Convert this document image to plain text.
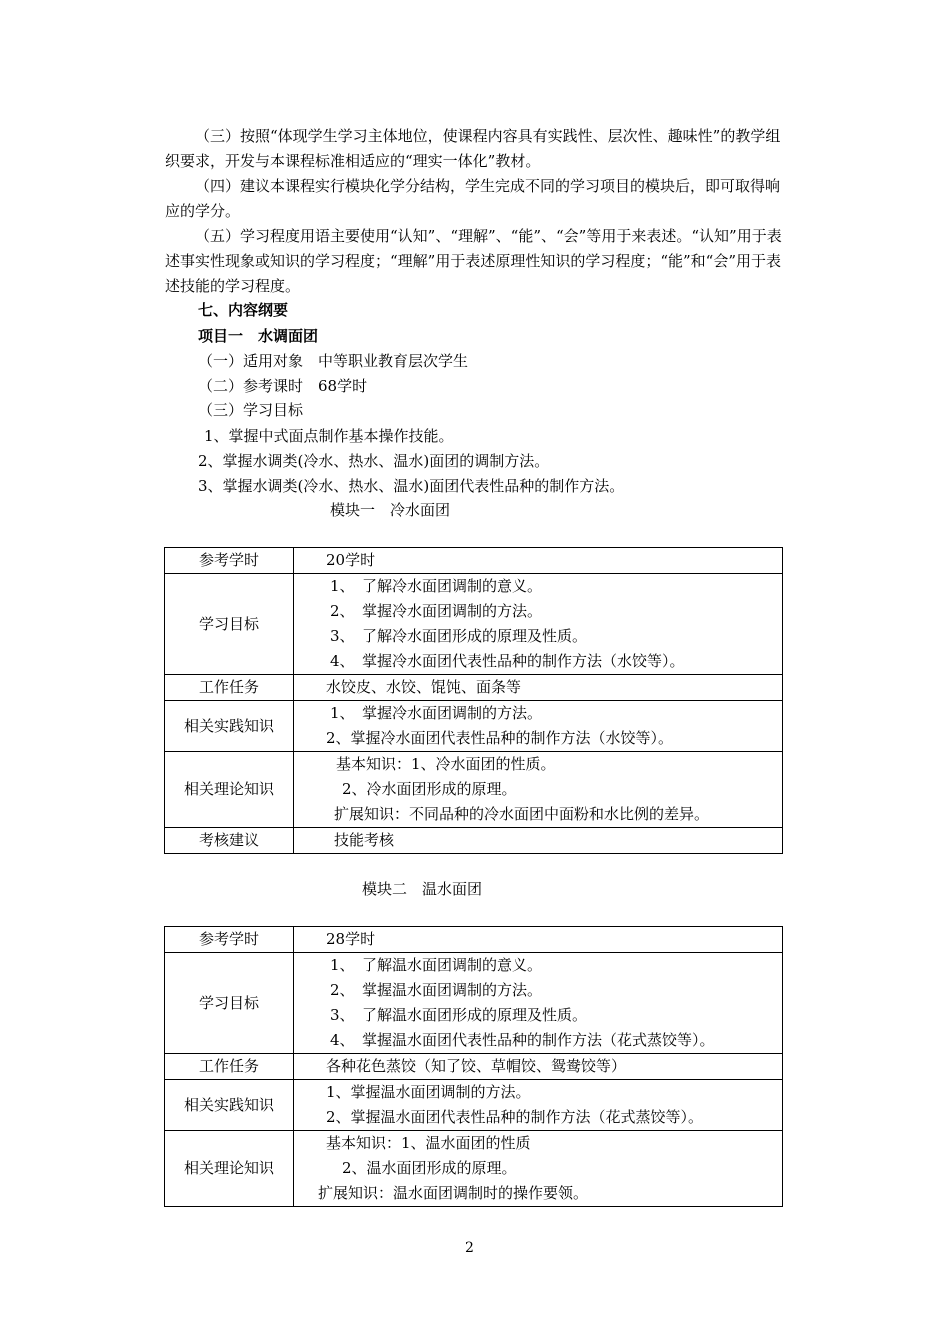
（三）按照“体现学生学习主体地位，使课程内容具有实践性、层次性、趣味性”的教学组织要求，开发与本课程标准相适应的“理实一体化”教材。

（四）建议本课程实行模块化学分结构，学生完成不同的学习项目的模块后，即可取得响应的学分。

（五）学习程度用语主要使用“认知”、“理解”、“能”、“会”等用于来表述。“认知”用于表述事实性现象或知识的学习程度；“理解”用于表述原理性知识的学习程度；“能”和“会”用于表述技能的学习程度。

七、内容纲要
项目一　水调面团
（一）适用对象　中等职业教育层次学生
（二）参考课时　68学时
（三）学习目标
1、掌握中式面点制作基本操作技能。
2、掌握水调类(冷水、热水、温水)面团的调制方法。
3、掌握水调类(冷水、热水、温水)面团代表性品种的制作方法。
模块一　冷水面团
参考学时	20学时

学习目标	1、　了解冷水面团调制的意义。
2、　掌握冷水面团调制的方法。
3、　了解冷水面团形成的原理及性质。
4、　掌握冷水面团代表性品种的制作方法（水饺等）。

工作任务	水饺皮、水饺、馄饨、面条等

相关实践知识	1、　掌握冷水面团调制的方法。
2、掌握冷水面团代表性品种的制作方法（水饺等）。

相关理论知识	基本知识：1、冷水面团的性质。
2、冷水面团形成的原理。
扩展知识：不同品种的冷水面团中面粉和水比例的差异。

考核建议	技能考核
模块二　温水面团
参考学时	28学时

学习目标	1、　了解温水面团调制的意义。
2、　掌握温水面团调制的方法。
3、　了解温水面团形成的原理及性质。
4、　掌握温水面团代表性品种的制作方法（花式蒸饺等）。

工作任务	各种花色蒸饺（知了饺、草帽饺、鸳鸯饺等）

相关实践知识	1、掌握温水面团调制的方法。
2、掌握温水面团代表性品种的制作方法（花式蒸饺等）。

相关理论知识	基本知识：1、温水面团的性质
2、温水面团形成的原理。
扩展知识：温水面团调制时的操作要领。
2
